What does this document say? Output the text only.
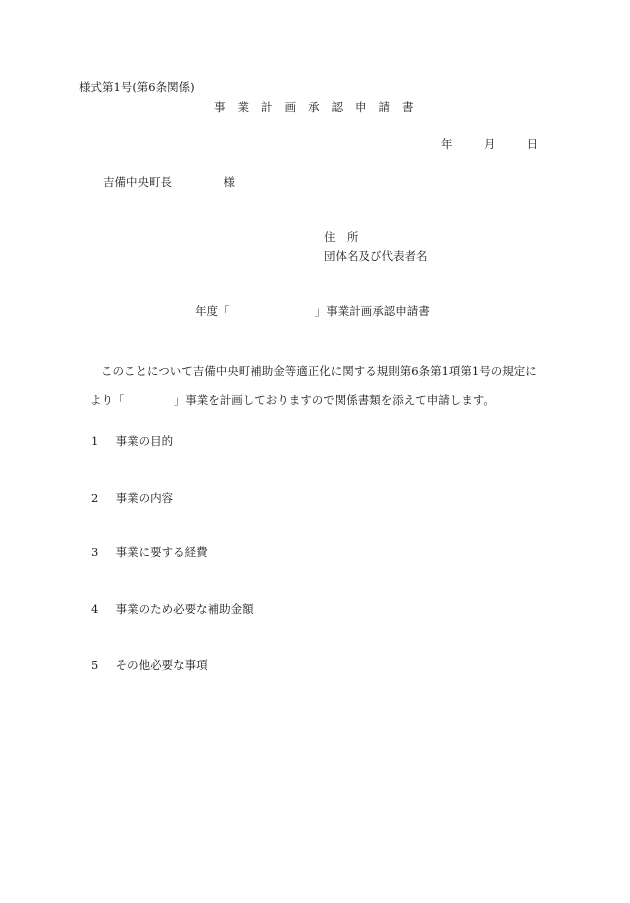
様式第1号(第6条関係)
事業計画承認申請書
年	月	日
吉備中央町長	様
住　所
団体名及び代表者名
年度「	」事業計画承認申請書
このことについて吉備中央町補助金等適正化に関する規則第6条第1項第1号の規定に
より「	」事業を計画しておりますので関係書類を添えて申請します。
1 事業の目的
2 事業の内容
3 事業に要する経費
4 事業のため必要な補助金額
5 その他必要な事項
